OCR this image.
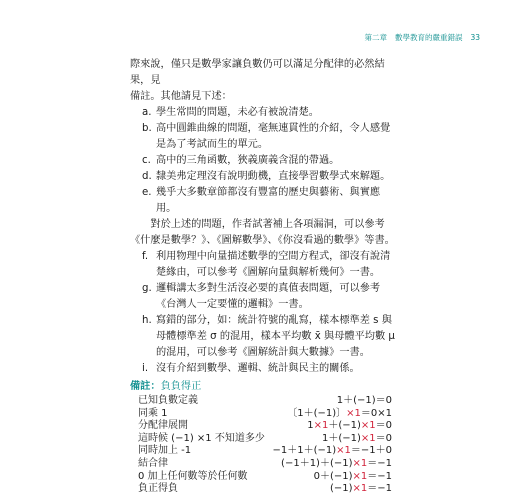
第二章 數學教育的嚴重錯誤 33

際來說，僅只是數學家讓負數仍可以滿足分配律的必然結果，見

備註。其他請見下述：

a. 學生常問的問題，未必有被說清楚。
b. 高中圓錐曲線的問題，毫無連貫性的介紹，令人感覺是為了考試而生的單元。
c. 高中的三角函數，狹義廣義含混的帶過。
d. 隸美弗定理沒有說明動機，直接學習數學式來解題。
e. 幾乎大多數章節都沒有豐富的歷史與藝術、與實應用。

對於上述的問題，作者試著補上各項漏洞，可以參考《什麼是數學？》、《圖解數學》、《你沒看過的數學》等書。

f. 利用物理中向量描述數學的空間方程式，卻沒有說清楚緣由，可以參考《圖解向量與解析幾何》一書。
g. 邏輯講太多對生活沒必要的真值表問題，可以參考《台灣人一定要懂的邏輯》一書。
h. 寫錯的部分，如：統計符號的亂寫，樣本標準差 s 與母體標準差 σ 的混用，樣本平均數 x̄ 與母體平均數 μ 的混用，可以參考《圖解統計與大數據》一書。
i. 沒有介紹到數學、邏輯、統計與民主的關係。
備註：負負得正
已知負數定義	1＋(−1)＝0
同乘 1	〔1＋(−1)〕×1＝0×1
分配律展開	1×1＋(−1)×1＝0
這時候 (−1) ×1 不知道多少	1＋(−1)×1＝0
同時加上 -1	−1＋1＋(−1)×1＝−1＋0
結合律	(−1＋1)＋(−1)×1＝−1
0 加上任何數等於任何數	0＋(−1)×1＝−1
負正得負	(−1)×1＝−1
